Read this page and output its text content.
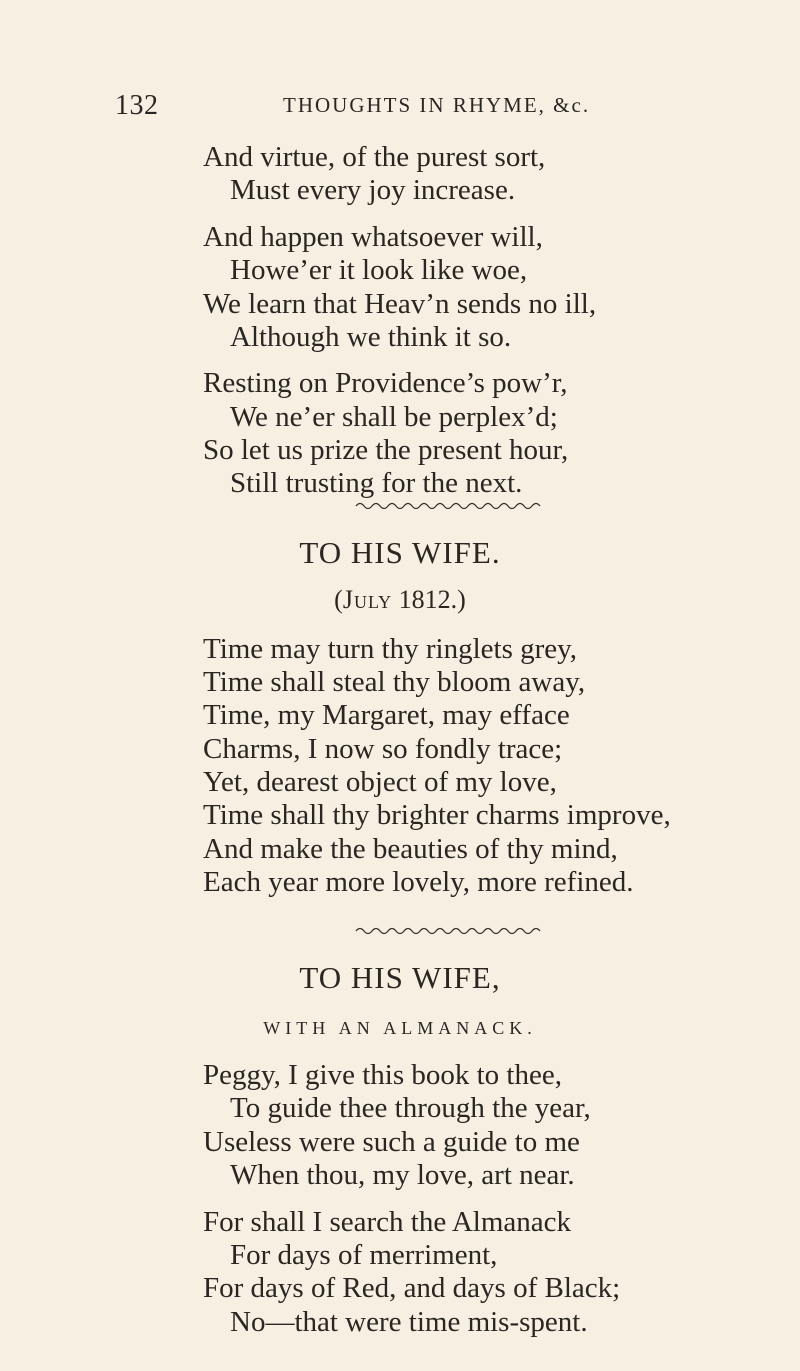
132	THOUGHTS IN RHYME, &c.
And virtue, of the purest sort,
Must every joy increase.
And happen whatsoever will,
Howe’er it look like woe,
We learn that Heav’n sends no ill,
Although we think it so.
Resting on Providence’s pow’r,
We ne’er shall be perplex’d;
So let us prize the present hour,
Still trusting for the next.
TO HIS WIFE.
(July 1812.)
Time may turn thy ringlets grey,
Time shall steal thy bloom away,
Time, my Margaret, may efface
Charms, I now so fondly trace;
Yet, dearest object of my love,
Time shall thy brighter charms improve,
And make the beauties of thy mind,
Each year more lovely, more refined.
TO HIS WIFE,
WITH AN ALMANACK.
Peggy, I give this book to thee,
To guide thee through the year,
Useless were such a guide to me
When thou, my love, art near.
For shall I search the Almanack
For days of merriment,
For days of Red, and days of Black;
No—that were time mis-spent.
